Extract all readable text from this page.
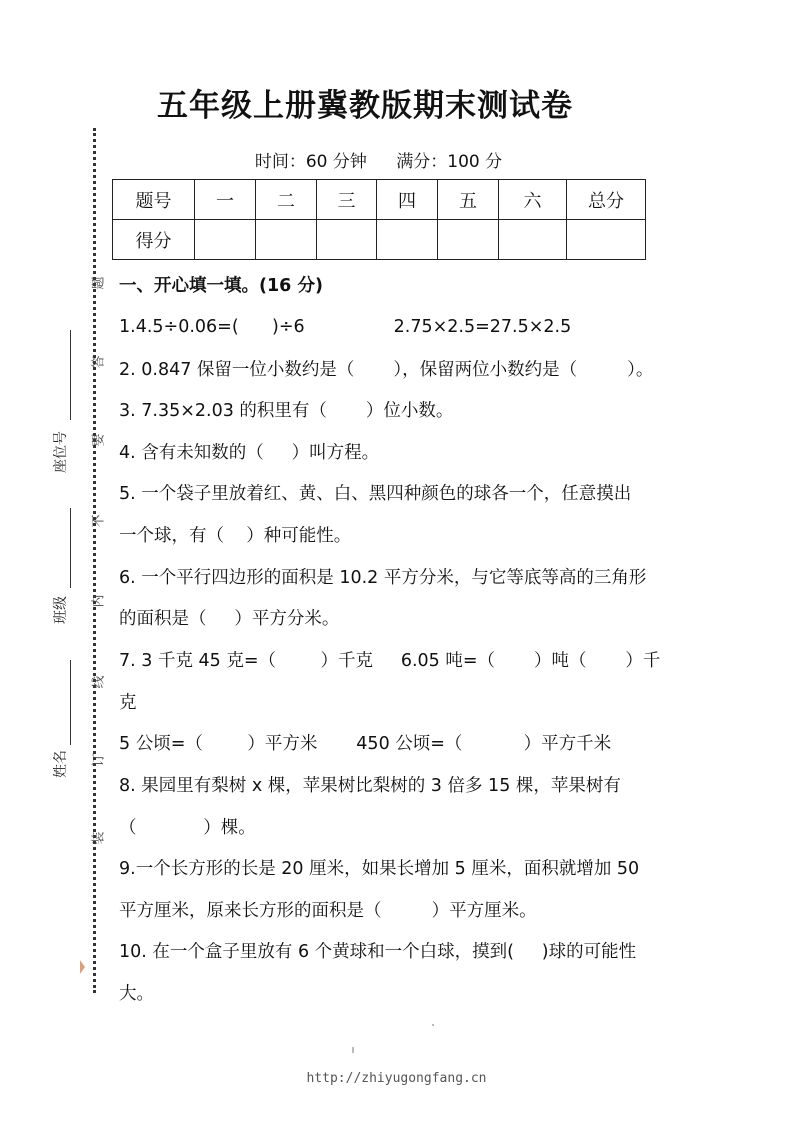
五年级上册冀教版期末测试卷
时间：60 分钟 满分：100 分
题号	一	二	三	四	五	六	总分
得分							
题
答
要
不
内
线
订
装
座位号
班级
姓名
一、开心填一填。(16 分)
1.4.5÷0.06=(      )÷6                2.75×2.5=27.5×2.5
2. 0.847 保留一位小数约是（       ），保留两位小数约是（         ）。
3. 7.35×2.03 的积里有（       ）位小数。
4. 含有未知数的（     ）叫方程。
5. 一个袋子里放着红、黄、白、黑四种颜色的球各一个，任意摸出
一个球，有（    ）种可能性。
6. 一个平行四边形的面积是 10.2 平方分米，与它等底等高的三角形
的面积是（     ）平方分米。
7. 3 千克 45 克=（        ）千克     6.05 吨=（       ）吨（       ）千
克
5 公顷=（        ）平方米       450 公顷=（           ）平方千米
8. 果园里有梨树 x 棵，苹果树比梨树的 3 倍多 15 棵，苹果树有
（            ）棵。
9.一个长方形的长是 20 厘米，如果长增加 5 厘米，面积就增加 50
平方厘米，原来长方形的面积是（         ）平方厘米。
10. 在一个盒子里放有 6 个黄球和一个白球，摸到(     )球的可能性
大。
http://zhiyugongfang.cn
